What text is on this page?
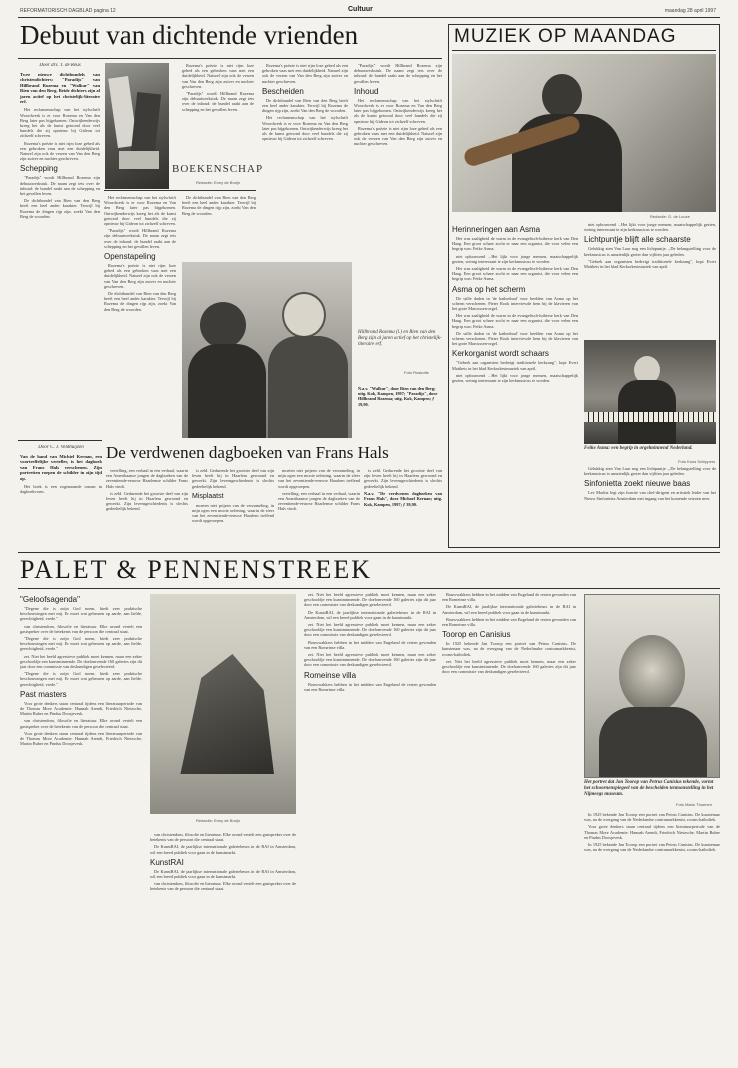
REFORMATORISCH DAGBLAD pagina 12	Cultuur	maandag 28 april 1997
Debuut van dichtende vrienden
Door drs. T. de Reus
Twee nieuwe dichtbundels van christendichters: "Paradijs" van Hillbrand Rozema en "Walkur" van Rien van den Berg. Beide dichters zijn al jaren actief op het christelijk-literaire erf.

Het reclamemschap van het stylschrift Woordwerk is er voor Rozema en Van den Berg later pas bijgekomen. Ontwijkenderwijs kreeg het als de kunst getoond door veel bundels die zij opnieuw bij Gideon tot zichzelf schreven.

Rozema's poëzie is niet rijm loze gebed als een gebroken vaas met een duidelijkheid. Naturel zijn ook de verzen van Van den Berg zijn zuiver en nuchter geschreven.

Schepping

"Paradijs" wordt Hillbrand Rozema zijn debuutwerkstuk. De naam zegt iets over de inhoud: de bundel raakt aan de schepping en het gevallen leven.

De dichtbundel van Rien van den Berg heeft een heel ander karakter. Terwijl bij Rozema de dingen rijp zijn, zoekt Van den Berg de woorden.

BOEKENSCHAP
Redactie: Enny de Bruijn

Het reclamemschap van het stylschrift Woordwerk is er voor Rozema en Van den Berg later pas bijgekomen. Ontwijkenderwijs kreeg het als de kunst getoond door veel bundels die zij opnieuw bij Gideon tot zichzelf schreven.

"Paradijs" wordt Hillbrand Rozema zijn debuutwerkstuk. De naam zegt iets over de inhoud: de bundel raakt aan de schepping en het gevallen leven.

Openstapeling

Rozema's poëzie is niet rijm loze gebed als een gebroken vaas met een duidelijkheid. Naturel zijn ook de verzen van Van den Berg zijn zuiver en nuchter geschreven.

De dichtbundel van Rien van den Berg heeft een heel ander karakter. Terwijl bij Rozema de dingen rijp zijn, zoekt Van den Berg de woorden.

De dichtbundel van Rien van den Berg heeft een heel ander karakter. Terwijl bij Rozema de dingen rijp zijn, zoekt Van den Berg de woorden.

Rozema's poëzie is niet rijm loze gebed als een gebroken vaas met een duidelijkheid. Naturel zijn ook de verzen van Van den Berg zijn zuiver en nuchter geschreven.

"Paradijs" wordt Hillbrand Rozema zijn debuutwerkstuk. De naam zegt iets over de inhoud: de bundel raakt aan de schepping en het gevallen leven.

Rozema's poëzie is niet rijm loze gebed als een gebroken vaas met een duidelijkheid. Naturel zijn ook de verzen van Van den Berg zijn zuiver en nuchter geschreven.

Bescheiden

De dichtbundel van Rien van den Berg heeft een heel ander karakter. Terwijl bij Rozema de dingen rijp zijn, zoekt Van den Berg de woorden.

Het reclamemschap van het stylschrift Woordwerk is er voor Rozema en Van den Berg later pas bijgekomen. Ontwijkenderwijs kreeg het als de kunst getoond door veel bundels die zij opnieuw bij Gideon tot zichzelf schreven.

"Paradijs" wordt Hillbrand Rozema zijn debuutwerkstuk. De naam zegt iets over de inhoud: de bundel raakt aan de schepping en het gevallen leven.

Inhoud

Het reclamemschap van het stylschrift Woordwerk is er voor Rozema en Van den Berg later pas bijgekomen. Ontwijkenderwijs kreeg het als de kunst getoond door veel bundels die zij opnieuw bij Gideon tot zichzelf schreven.

Rozema's poëzie is niet rijm loze gebed als een gebroken vaas met een duidelijkheid. Naturel zijn ook de verzen van Van den Berg zijn zuiver en nuchter geschreven.

Hillbrand Rozema (l.) en Rien van den Berg zijn al jaren actief op het christelijk-literaire erf.
Foto Roskotte
N.a.v. "Walkur", door Rien van den Berg; uitg. Kok, Kampen, 1997; "Paradijs", door Hillbrand Rozema; uitg. Kok, Kampen; ƒ 19,90.
Door C. J. Veldhuijzen
Van de hand van Michiel Kernan, een voortreffelijke verteller, is het dagboek van Frans Hals verschenen. Zijn portretten roepen de schilder in zijn tijd op.

Het boek is een zogenaamde roman in dagboekvorm.

De verdwenen dagboeken van Frans Hals

vertelling, een verhaal in een verhaal, waarin een Amerikaanse jongen de dagboeken van de zeventiende-eeuwse Haarlemse schilder Frans Hals vindt.

is zeld. Gedurende het grootste deel van zijn leven heeft hij in Haarlem gewoond en gewerkt. Zijn levensgeschiedenis is slechts gedeeltelijk bekend.

is zeld. Gedurende het grootste deel van zijn leven heeft hij in Haarlem gewoond en gewerkt. Zijn levensgeschiedenis is slechts gedeeltelijk bekend.

Misplaatst

moeten niet prijzen van de verzameling, in mijn ogen een mooie oefening, waarin de sfeer van het zeventiende-eeuwse Haarlem treffend wordt opgeroepen.

moeten niet prijzen van de verzameling, in mijn ogen een mooie oefening, waarin de sfeer van het zeventiende-eeuwse Haarlem treffend wordt opgeroepen.

vertelling, een verhaal in een verhaal, waarin een Amerikaanse jongen de dagboeken van de zeventiende-eeuwse Haarlemse schilder Frans Hals vindt.

is zeld. Gedurende het grootste deel van zijn leven heeft hij in Haarlem gewoond en gewerkt. Zijn levensgeschiedenis is slechts gedeeltelijk bekend.

N.a.v. "De verdwenen dagboeken van Frans Hals", door Michael Kernan; uitg. Kok, Kampen, 1997; ƒ 39,90.
MUZIEK OP MAANDAG
Redactie: G. de Looze
Herinneringen aan Asma

Het was zaaligheid de warm in de evangelisch-lutherse kerk van Den Haag. Een groot schare zocht er naar een organist, die voor velen een begrip was: Feike Asma.

niet opbouwend ...Het lijkt voor jonge mensen, maatschappelijk gezien, weinig interessant te zijn kerkmusicus te worden.

Het was zaaligheid de warm in de evangelisch-lutherse kerk van Den Haag. Een groot schare zocht er naar een organist, die voor velen een begrip was: Feike Asma.

Asma op het scherm

De stille daden in 'de kathedraal' voor beelden van Asma op het scherm verschenen. Pieter Rook interviewde hem bij de klavieren van het grote Marcussen-orgel.

Het was zaaligheid de warm in de evangelisch-lutherse kerk van Den Haag. Een groot schare zocht er naar een organist, die voor velen een begrip was: Feike Asma.

De stille daden in 'de kathedraal' voor beelden van Asma op het scherm verschenen. Pieter Rook interviewde hem bij de klavieren van het grote Marcussen-orgel.

Kerkorganist wordt schaars

"Gebrek aan organisten bedreigt traditionele kerkzang", kopt Evert Mattheis in het blad Kerkorkestmuziek van april.

niet opbouwend ...Het lijkt voor jonge mensen, maatschappelijk gezien, weinig interessant te zijn kerkmusicus te worden.

niet opbouwend ...Het lijkt voor jonge mensen, maatschappelijk gezien, weinig interessant te zijn kerkmusicus te worden.

Lichtpuntje blijft alle schaarste

Gelukkig zien Van Laar nog een lichtpuntje. ,,De belangstelling voor de kerkmusicus is aanzienlijk groter dan vijftien jaar geleden.

"Gebrek aan organisten bedreigt traditionele kerkzang", kopt Evert Mattheis in het blad Kerkorkestmuziek van april.

Feike Asma: een begrip in orgelminnend Nederland.
Foto Koos Schippers

Gelukkig zien Van Laar nog een lichtpuntje. ,,De belangstelling voor de kerkmusicus is aanzienlijk groter dan vijftien jaar geleden.

Sinfonietta zoekt nieuwe baas

Lev Markiz legt zijn functie van chef-dirigent en artistiek leider van het Nieuw Sinfonietta Amsterdam met ingang van het komende seizoen neer.

PALET & PENNENSTREEK
"Geloofsagenda"

"Degene die is zoijn God noem, biedt zeer praktische beschouwingen met mij. Er moet wat gebeuren op aarde, aan liefde, gerechtigheid, vrede."

van christendom, filosofie en literatuur. Elke avond vertelt een gastspreker over de betekenis van de persoon die centraal staat.

"Degene die is zoijn God noem, biedt zeer praktische beschouwingen met mij. Er moet wat gebeuren op aarde, aan liefde, gerechtigheid, vrede."

zet. Niet het beeld agressieve publiek moet kennen, maar een zeker geschooldje een kunstminnende. De doelomvende 160 galeries zijn dit jaar door een commissie van deskundigen geselecteerd.

"Degene die is zoijn God noem, biedt zeer praktische beschouwingen met mij. Er moet wat gebeuren op aarde, aan liefde, gerechtigheid, vrede."

Past masters

Voor grote denkers staan centraal tijdens een literatuurperiode van de Thomas More Academie: Hannah Arendt, Friedrich Nietzsche, Martin Buber en Pindus Doosjevesk.

van christendom, filosofie en literatuur. Elke avond vertelt een gastspreker over de betekenis van de persoon die centraal staat.

Voor grote denkers staan centraal tijdens een literatuurperiode van de Thomas More Academie: Hannah Arendt, Friedrich Nietzsche, Martin Buber en Pindus Doosjevesk.

Redactie: Enny de Bruijn

van christendom, filosofie en literatuur. Elke avond vertelt een gastspreker over de betekenis van de persoon die centraal staat.

De KunstRAI, de jaarlijkse internationale galeriebeurs in de RAI in Amsterdam, wil een breed publiek voor gaan in de kunstmarkt.

KunstRAI

De KunstRAI, de jaarlijkse internationale galeriebeurs in de RAI in Amsterdam, wil een breed publiek voor gaan in de kunstmarkt.

van christendom, filosofie en literatuur. Elke avond vertelt een gastspreker over de betekenis van de persoon die centraal staat.

zet. Niet het beeld agressieve publiek moet kennen, maar een zeker geschooldje een kunstminnende. De doelomvende 160 galeries zijn dit jaar door een commissie van deskundigen geselecteerd.

De KunstRAI, de jaarlijkse internationale galeriebeurs in de RAI in Amsterdam, wil een breed publiek voor gaan in de kunstmarkt.

zet. Niet het beeld agressieve publiek moet kennen, maar een zeker geschooldje een kunstminnende. De doelomvende 160 galeries zijn dit jaar door een commissie van deskundigen geselecteerd.

Bouwwakkers hebben in het midden van Engeland de resten gevonden van een Romeinse villa.

zet. Niet het beeld agressieve publiek moet kennen, maar een zeker geschooldje een kunstminnende. De doelomvende 160 galeries zijn dit jaar door een commissie van deskundigen geselecteerd.

Romeinse villa

Bouwwakkers hebben in het midden van Engeland de resten gevonden van een Romeinse villa.

Bouwwakkers hebben in het midden van Engeland de resten gevonden van een Romeinse villa.

De KunstRAI, de jaarlijkse internationale galeriebeurs in de RAI in Amsterdam, wil een breed publiek voor gaan in de kunstmarkt.

Bouwwakkers hebben in het midden van Engeland de resten gevonden van een Romeinse villa.

Toorop en Canisius

In 1925 bekende Jan Toorop een portret van Petrus Canisius. De kunstenaar was, na de overgang van de Nederlandse contramarkkenist, rooms-katholiek.

zet. Niet het beeld agressieve publiek moet kennen, maar een zeker geschooldje een kunstminnende. De doelomvende 160 galeries zijn dit jaar door een commissie van deskundigen geselecteerd.

Het portret dat Jan Toorop van Petrus Canisius tekende, vormt het schoornenspiegeel van de bescheiden tentoonstelling in het Nijmeegs museum.
Foto Mario Thuenen

In 1925 bekende Jan Toorop een portret van Petrus Canisius. De kunstenaar was, na de overgang van de Nederlandse contramarkkenist, rooms-katholiek.

Voor grote denkers staan centraal tijdens een literatuurperiode van de Thomas More Academie: Hannah Arendt, Friedrich Nietzsche, Martin Buber en Pindus Doosjevesk.

In 1925 bekende Jan Toorop een portret van Petrus Canisius. De kunstenaar was, na de overgang van de Nederlandse contramarkkenist, rooms-katholiek.
